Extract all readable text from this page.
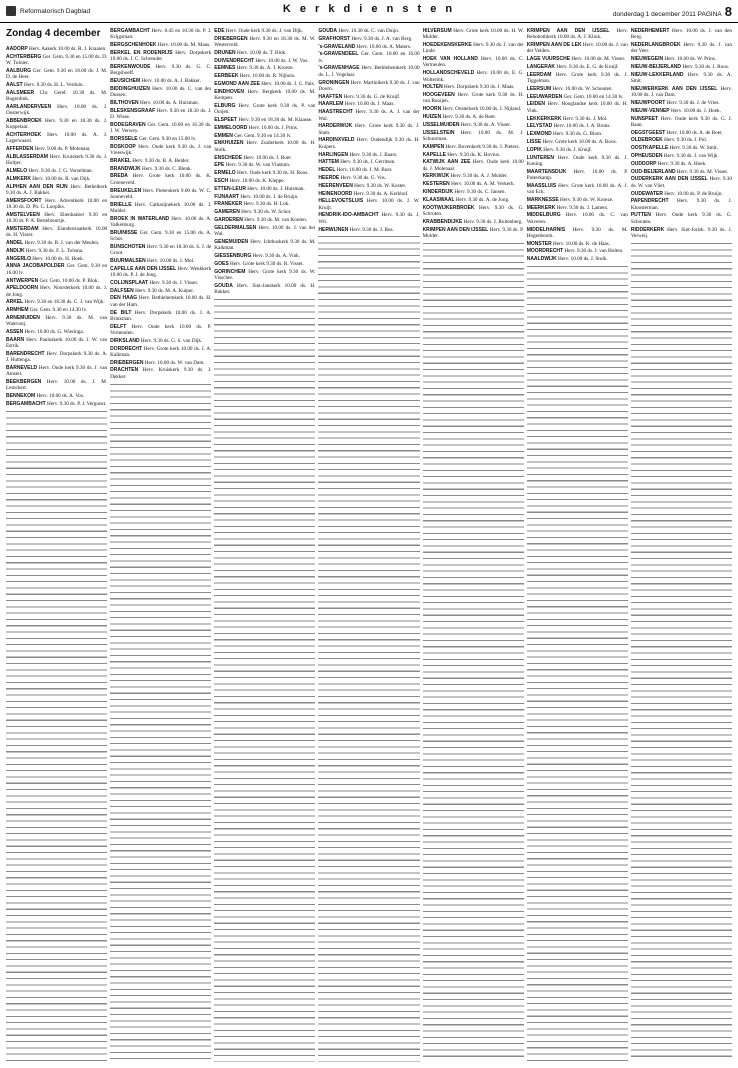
Reformatorisch Dagblad	K e r k d i e n s t e n	donderdag 1 december 2011 PAGINA 8
Zondag 4 december
AADORP Herv. Aakerk 10.00 ds. R. J. Kraaien.
ACHTERBERG Ger. Gem. 9.30 en 15.00 ds. D. W. Tuinier.
AALBURG Ger. Gem. 9.30 en 18.00 ds. J. M. D. de Heer.
AALST Herv. 9.30 ds. H. L. Verduin.
AALSMEER Chr. Geref. 10.30 ds. M. Bogerdink.
AARLANDERVEEN Herv. 10.00 ds. J. Oosterwijk.
ABBENBROEK Herv. 9.30 en 18.30 ds. J. Koppelaar.
ACHTERHOEK Herv. 10.00 ds. A. J. Lagerwaard.
AFFERDEN Herv. 9.00 ds. P. Molenaar.
ALBLASSERDAM Herv. Kruiskerk 9.30 ds. J. Holtjer.
ALMELO Herv. 9.30 ds. J. G. Vorselman.
ALMKERK Herv. 10.00 ds. R. van Dijk.
ALPHEN AAN DEN RIJN Herv. Bethelkerk 9.30 ds. A. J. Bakker.
AMERSFOORT Herv. Adventkerk 10.00 en 18.30 ds. D. Ph. C. Loopiks.
AMSTELVEEN Herv. Ebenhaëzer 9.30 en 18.30 dr. P. A. Bestebreurtje.
AMSTERDAM Herv. Elandsstraatkerk 10.00 ds. H. Visser.
ANDEL Herv. 9.30 ds. R. J. van der Meulen.
ANDIJK Herv. 9.30 ds. F. L. Tolsma.
ANGERLO Herv. 10.00 ds. H. Hoek.
ANNA JACOBAPOLDER Ger. Gem. 9.30 en 16.00 lv.
ANTWERPEN Ger. Gem. 10.00 ds. P. Blok.
APELDOORN Herv. Noorderkerk 10.00 ds. J. de Jong.
ARKEL Herv. 9.30 en 18.30 ds. C. J. van Wijk.
ARMHEM Ger. Gem. 9.30 en 14.30 lv.
ARNEMUIDEN Herv. 9.30 ds. M. van Wanrooij.
ASSEN Herv. 10.00 ds. G. Wieringa.
BAARN Herv. Pauluskerk 10.00 ds. J. W. van Estrik.
BARENDRECHT Herv. Dorpskerk 9.30 ds. A. J. Huttenga.
BARNEVELD Herv. Oude kerk 9.30 ds. J. van Amstel.
BEEKBERGEN Herv. 10.00 ds. J. M. Lemckert.
BENNEKOM Herv. 10.00 ds. A. Vos.
BERGAMBACHT Herv. 9.30 ds. P. J. Vergunst.
BERGAMBACHT Herv. 8.45 en 10.30 ds. P. J. Krijgsman.
BERGSCHENHOEK Herv. 10.00 ds. M. Maas.
BERKEL EN RODENRIJS Herv. Dorpskerk 10.00 ds. J. C. Schreuder.
BERKENWOUDE Herv. 9.30 ds. G. C. Bergshoeff.
BEUSICHEM Herv. 10.00 ds. A. J. Bakker.
BIDDINGHUIZEN Herv. 10.00 ds. C. van der Dussen.
BILTHOVEN Herv. 10.00 ds. A. Huisman.
BLESKENSGRAAF Herv. 9.30 en 18.30 ds. J. D. Wisse.
BODEGRAVEN Ger. Gem. 10.00 en 16.30 ds. J. W. Verwey.
BORSSELE Ger. Gem. 9.30 en 15.00 lv.
BOSKOOP Herv. Oude kerk 9.30 ds. J. van Vreeswijk.
BRAKEL Herv. 9.30 ds. B. A. Belder.
BRANDWIJK Herv. 9.30 ds. C. Blenk.
BREDA Herv. Grote kerk 10.00 ds. K. Groeneveld.
BREUKELEN Herv. Pieterskerk 9.00 ds. W. C. Sonneveld.
BRIELLE Herv. Catharijnekerk 10.00 ds. J. Mulder.
BROEK IN WATERLAND Herv. 10.00 ds. A. Valkenburg.
BRUINISSE Ger. Gem. 9.30 en 15.00 ds. A. Schot.
BUNSCHOTEN Herv. 9.30 en 18.30 ds. S. J. de Groot.
BUURMALSEN Herv. 10.00 ds. J. Mol.
CAPELLE AAN DEN IJSSEL Herv. Wenkkerk 10.00 ds. P. J. de Jong.
COLIJNSPLAAT Herv. 9.30 ds. J. Visser.
DALFSEN Herv. 9.30 ds. M. A. Kuiper.
DEN HAAG Herv. Bethlehemkerk 10.00 ds. H. van der Ham.
DE BILT Herv. Dorpskerk 10.00 ds. J. A. Brinkman.
DELFT Herv. Oude kerk 10.00 ds. P. Vermeulen.
DIRKSLAND Herv. 9.30 ds. G. S. van Dijk.
DORDRECHT Herv. Grote kerk 10.00 ds. J. A. Kalkman.
DRIEBERGEN Herv. 10.00 ds. W. van Dam.
DRACHTEN Herv. Kruiskerk 9.30 ds. J. Dekker.
EDE Herv. Oude kerk 9.30 ds. J. van Dijk.
DRIEBERGEN Herv. 9.30 en 18.30 ds. M. W. Westerveld.
DRUNEN Herv. 10.00 ds. T. Blok.
DUIVENDRECHT Herv. 10.00 ds. J. W. Vos.
EEMNES Herv. 9.30 ds. A. J. Kroeze.
EERBEEK Herv. 10.00 ds. R. Nijhuis.
EGMOND AAN ZEE Herv. 10.00 ds. J. G. Pals.
EINDHOVEN Herv. Bergkerk 10.00 ds. M. Kempen.
ELBURG Herv. Grote kerk 9.30 ds. P. van Ooijen.
ELSPEET Herv. 9.30 en 18.30 ds. M. Klaasse.
EMMELOORD Herv. 10.00 ds. J. Prins.
EMMEN Ger. Gem. 9.30 en 14.30 lv.
ENKHUIZEN Herv. Zuiderkerk 10.00 ds. H. Stolk.
ENSCHEDE Herv. 10.00 ds. J. Boer.
EPE Herv. 9.30 ds. W. van Vlastuin.
ERMELO Herv. Oude kerk 9.30 ds. H. Roos.
ESCH Herv. 10.00 ds. K. Kleppe.
ETTEN-LEUR Herv. 10.00 ds. J. Huisman.
FIJNAART Herv. 10.00 ds. J. de Bruijn.
FRANEKER Herv. 9.30 ds. H. Lok.
GAMEREN Herv. 9.30 ds. W. Schot.
GARDEREN Herv. 9.30 ds. M. van Kooten.
GELDERMALSEN Herv. 10.00 ds. J. van der Wal.
GENEMUIDEN Herv. Ichthuskerk 9.30 ds. M. Kalkman.
GIESSENBURG Herv. 9.30 ds. A. Vink.
GOES Herv. Grote kerk 9.30 ds. R. Visser.
GORINCHEM Herv. Grote kerk 9.30 ds. W. Visscher.
GOUDA Herv. Sint-Janskerk 10.00 ds. H. Bakker.
GOUDA Herv. 10.30 ds. C. van Duijn.
GRAFHORST Herv. 9.30 ds. J. A. van Berg.
's-GRAVELAND Herv. 10.00 ds. A. Maters.
's-GRAVENDEEL Ger. Gem. 10.00 en 16.00 lv.
's-GRAVENHAGE Herv. Bethlehemkerk 10.00 ds. L. J. Vogelaar.
GRONINGEN Herv. Martinikerk 9.30 ds. J. van Doorn.
HAAFTEN Herv. 9.30 ds. G. de Kruijf.
HAARLEM Herv. 10.00 ds. J. Maas.
HAASTRECHT Herv. 9.30 ds. A. J. van der Wal.
HARDERWIJK Herv. Grote kerk 9.30 ds. J. Stam.
HARDINXVELD Herv. Oudendijk 9.30 ds. H. Kuipers.
HARLINGEN Herv. 9.30 ds. J. Baars.
HATTEM Herv. 9.30 ds. J. Gerritsen.
HEDEL Herv. 10.00 ds. J. M. Boer.
HEERDE Herv. 9.30 ds. G. Vos.
HEERENVEEN Herv. 9.30 ds. W. Koster.
HEINENOORD Herv. 9.30 ds. A. Kerkhof.
HELLEVOETSLUIS Herv. 10.00 ds. J. W. Kruijt.
HENDRIK-IDO-AMBACHT Herv. 9.30 ds. J. Wit.
HERWIJNEN Herv. 9.30 ds. J. Bos.
HILVERSUM Herv. Grote kerk 10.00 ds. H. W. Mulder.
HOEDEKENSKERKE Herv. 9.30 ds. J. van der Linde.
HOEK VAN HOLLAND Herv. 10.00 ds. C. Vermeulen.
HOLLANDSCHEVELD Herv. 10.00 ds. E. G. Wolterink.
HOLTEN Herv. Dorpskerk 9.30 ds. J. Maas.
HOOGEVEEN Herv. Grote kerk 9.30 ds. H. van Rooijen.
HOORN Herv. Oosterkerk 10.00 ds. J. Nijland.
HUIZEN Herv. 9.30 ds. A. de Boer.
IJSSELMUIDEN Herv. 9.30 ds. A. Visser.
IJSSELSTEIN Herv. 10.00 ds. M. J. Schuurman.
KAMPEN Herv. Bovenkerk 9.30 ds. J. Pieters.
KAPELLE Herv. 9.30 ds. K. Hovius.
KATWIJK AAN ZEE Herv. Oude kerk 10.00 ds. J. Molenaar.
KERKWIJK Herv. 9.30 ds. A. J. Mulder.
KESTEREN Herv. 10.00 ds. A. M. Verkerk.
KINDERDIJK Herv. 9.30 ds. C. Jansen.
KLAASWAAL Herv. 9.30 ds. A. de Jong.
KOOTWIJKERBROEK Herv. 9.30 ds. G. Schroten.
KRABBENDIJKE Herv. 9.30 ds. J. Ruitenberg.
KRIMPEN AAN DEN IJSSEL Herv. 9.30 ds. P. Mulder.
KRIMPEN AAN DEN IJSSEL Herv. Rehobothkerk 10.00 ds. A. J. Klink.
KRIMPEN AAN DE LEK Herv. 10.00 ds. J. van der Velden.
LAGE VUURSCHE Herv. 10.00 ds. M. Visser.
LANGERAK Herv. 9.30 ds. E. G. de Kruijf.
LEERDAM Herv. Grote kerk 9.30 ds. J. Tiggelman.
LEERSUM Herv. 10.00 ds. W. Schouten.
LEEUWARDEN Ger. Gem. 10.00 en 14.30 lv.
LEIDEN Herv. Hooglandse kerk 10.00 ds. H. Vink.
LEKKERKERK Herv. 9.30 ds. J. Mol.
LELYSTAD Herv. 10.00 ds. J. A. Brons.
LEXMOND Herv. 9.30 ds. G. Blom.
LISSE Herv. Grote kerk 10.00 ds. A. Roos.
LOPIK Herv. 9.30 ds. J. Kruijf.
LUNTEREN Herv. Oude kerk 9.30 ds. J. Koning.
MAARTENSDIJK Herv. 10.00 ds. P. Pasterkamp.
MAASSLUIS Herv. Grote kerk 10.00 ds. A. J. van Eck.
MARKNESSE Herv. 9.30 ds. W. Kroeze.
MEERKERK Herv. 9.30 ds. J. Lamers.
MIDDELBURG Herv. 10.00 ds. C. van Waveren.
MIDDELHARNIS Herv. 9.30 ds. M. Hogenboom.
MONSTER Herv. 10.00 ds. K. de Haas.
MOORDRECHT Herv. 9.30 ds. J. van Holten.
NAALDWIJK Herv. 10.00 ds. J. Stolk.
NEDERHEMERT Herv. 10.00 ds. J. van den Berg.
NEDERLANGBROEK Herv. 9.30 ds. J. van der Veer.
NIEUWEGEIN Herv. 10.00 ds. W. Prins.
NIEUW-BEIJERLAND Herv. 9.30 ds. J. Roos.
NIEUW-LEKKERLAND Herv. 9.30 ds. A. Smit.
NIEUWERKERK AAN DEN IJSSEL Herv. 10.00 ds. J. van Dam.
NIEUWPOORT Herv. 9.30 ds. J. de Vries.
NIEUW-VENNEP Herv. 10.00 ds. J. Hoek.
NUNSPEET Herv. Oude kerk 9.30 ds. G. J. Baan.
OEGSTGEEST Herv. 10.00 ds. A. de Boer.
OLDEBROEK Herv. 9.30 ds. J. Pol.
OOSTKAPELLE Herv. 9.30 ds. W. Smit.
OPHEUSDEN Herv. 9.30 ds. J. van Wijk.
OUDDORP Herv. 9.30 ds. A. Hoek.
OUD-BEIJERLAND Herv. 9.30 ds. M. Visser.
OUDERKERK AAN DEN IJSSEL Herv. 9.30 ds. W. van Vliet.
OUDEWATER Herv. 10.00 ds. P. de Bruijn.
PAPENDRECHT Herv. 9.30 ds. J. Kloosterman.
PUTTEN Herv. Oude kerk 9.30 ds. G. Schouten.
RIDDERKERK Herv. Sint-Jorisk. 9.30 ds. J. Verweij.
